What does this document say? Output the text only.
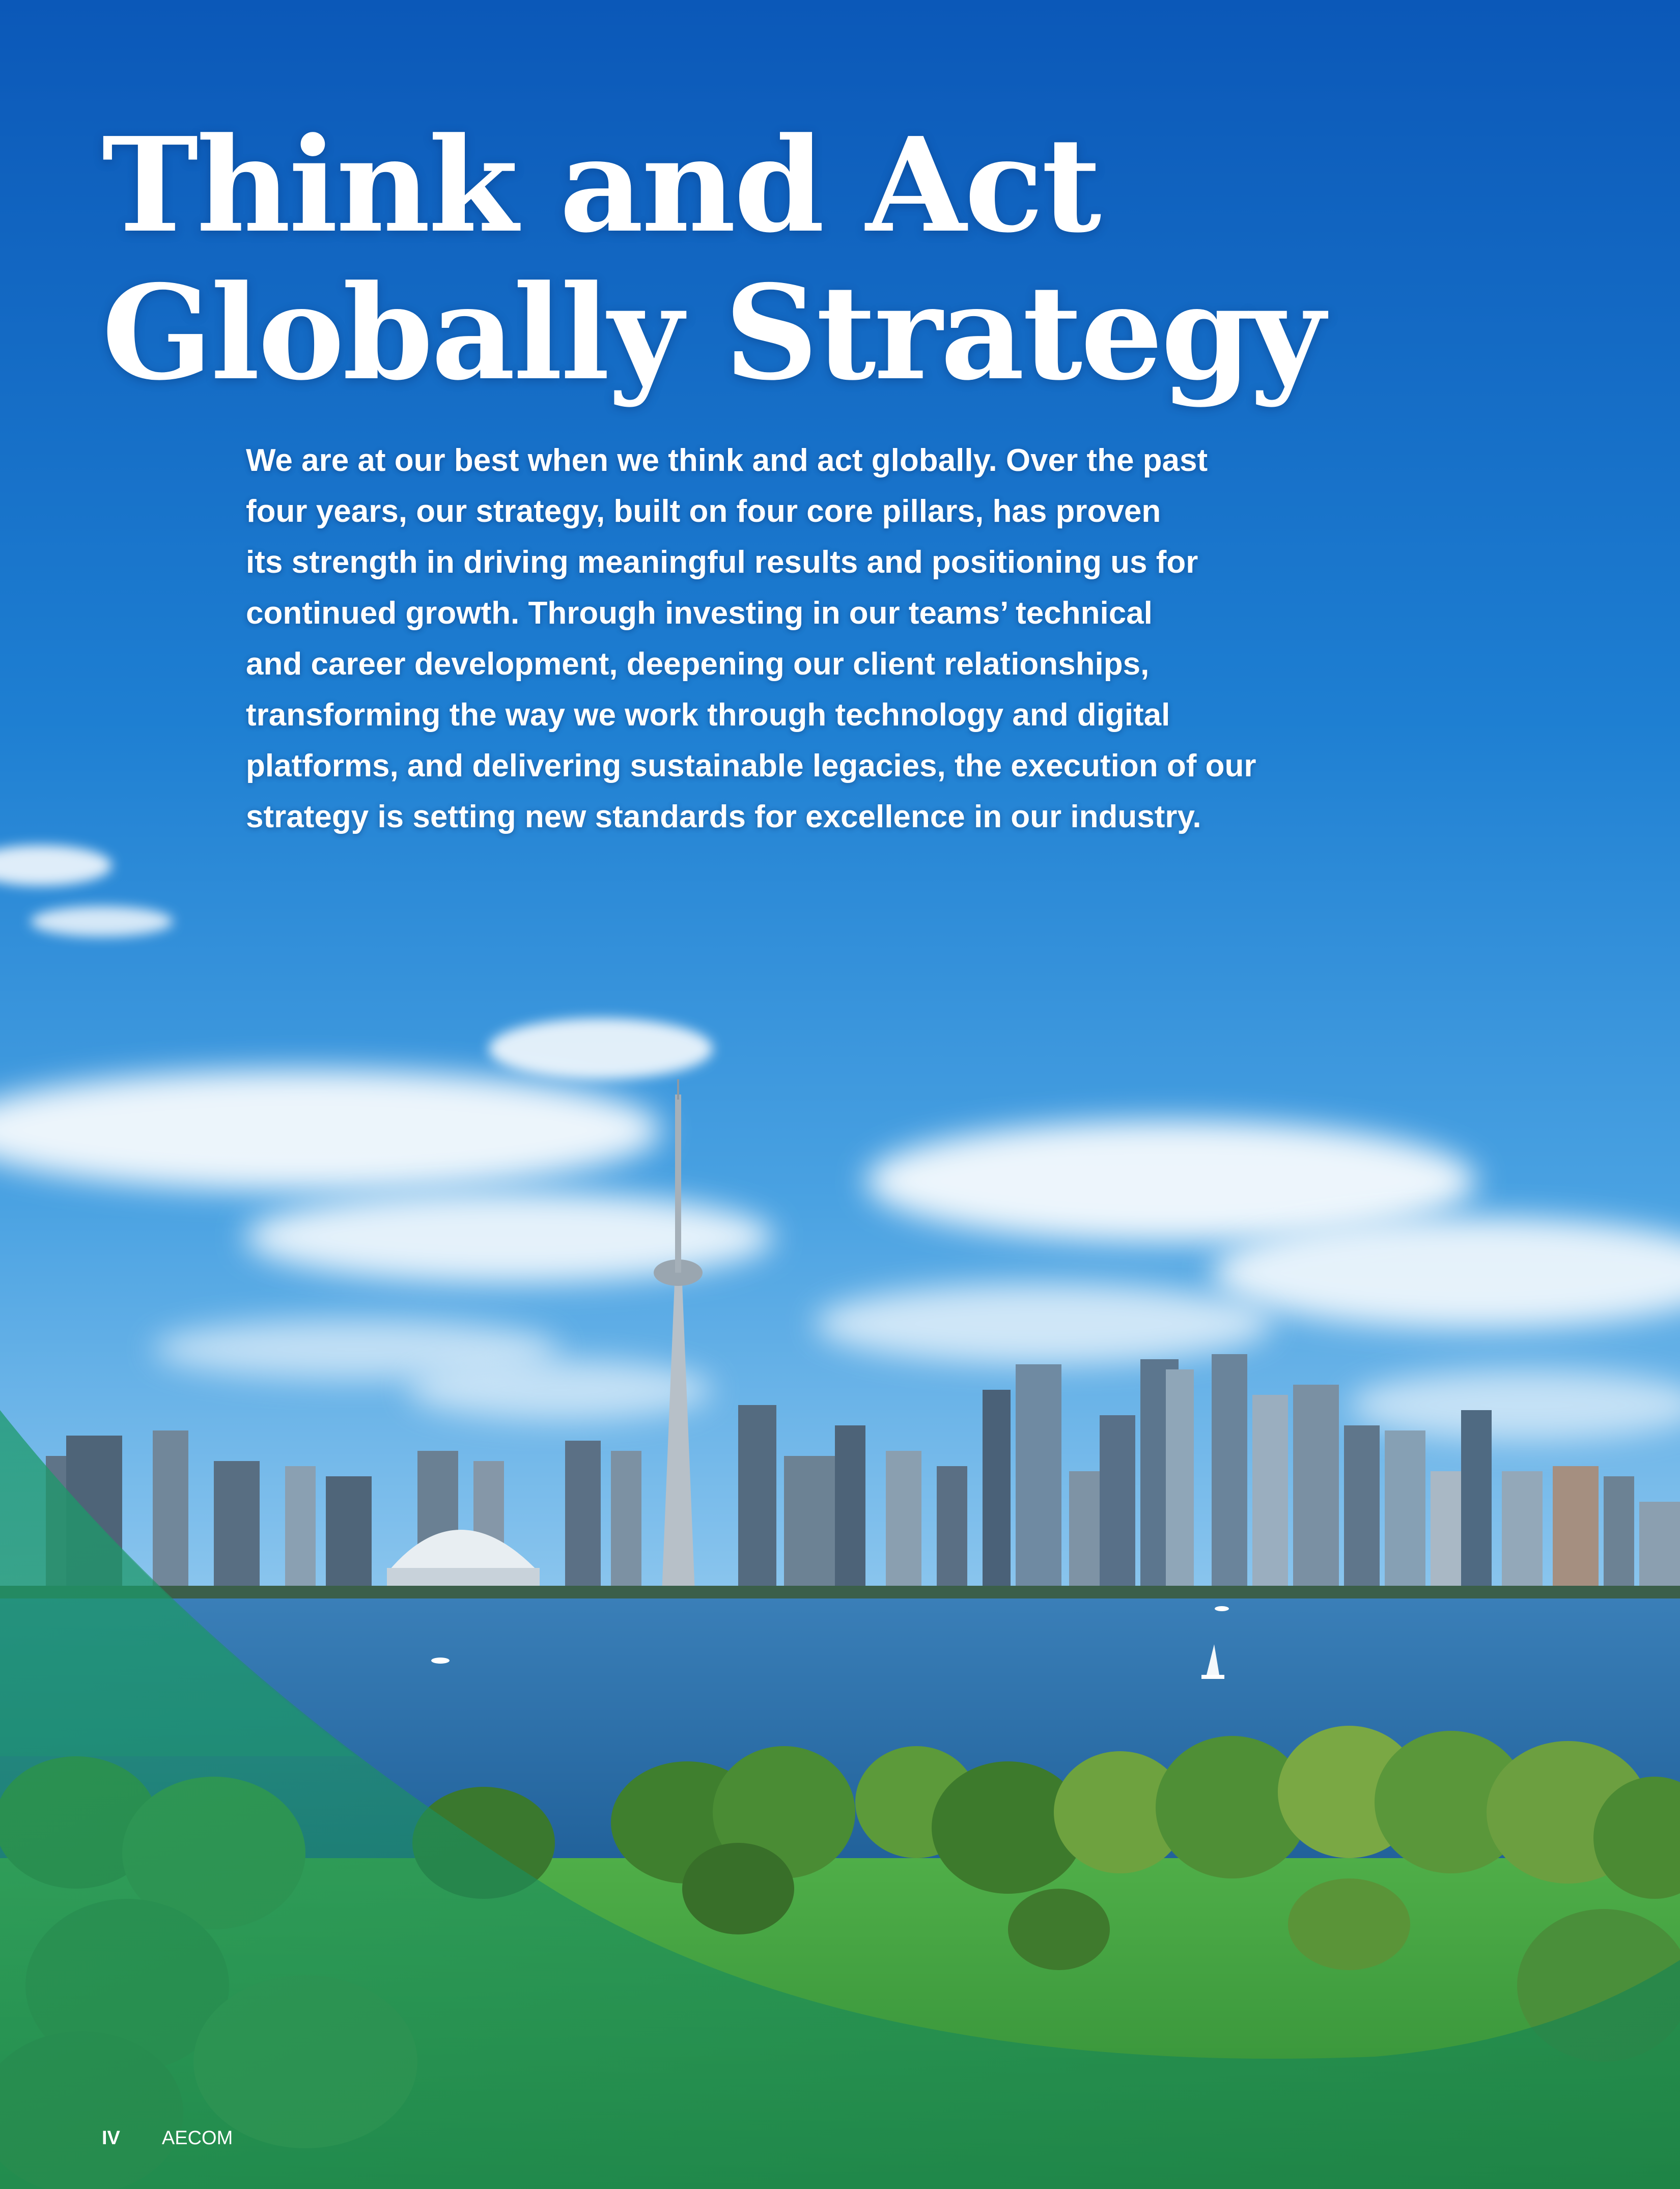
Think and Act
Globally Strategy

We are at our best when we think and act globally. Over the past
four years, our strategy, built on four core pillars, has proven
its strength in driving meaningful results and positioning us for
continued growth. Through investing in our teams’ technical
and career development, deepening our client relationships,
transforming the way we work through technology and digital
platforms, and delivering sustainable legacies, the execution of our
strategy is setting new standards for excellence in our industry.

IV AECOM
